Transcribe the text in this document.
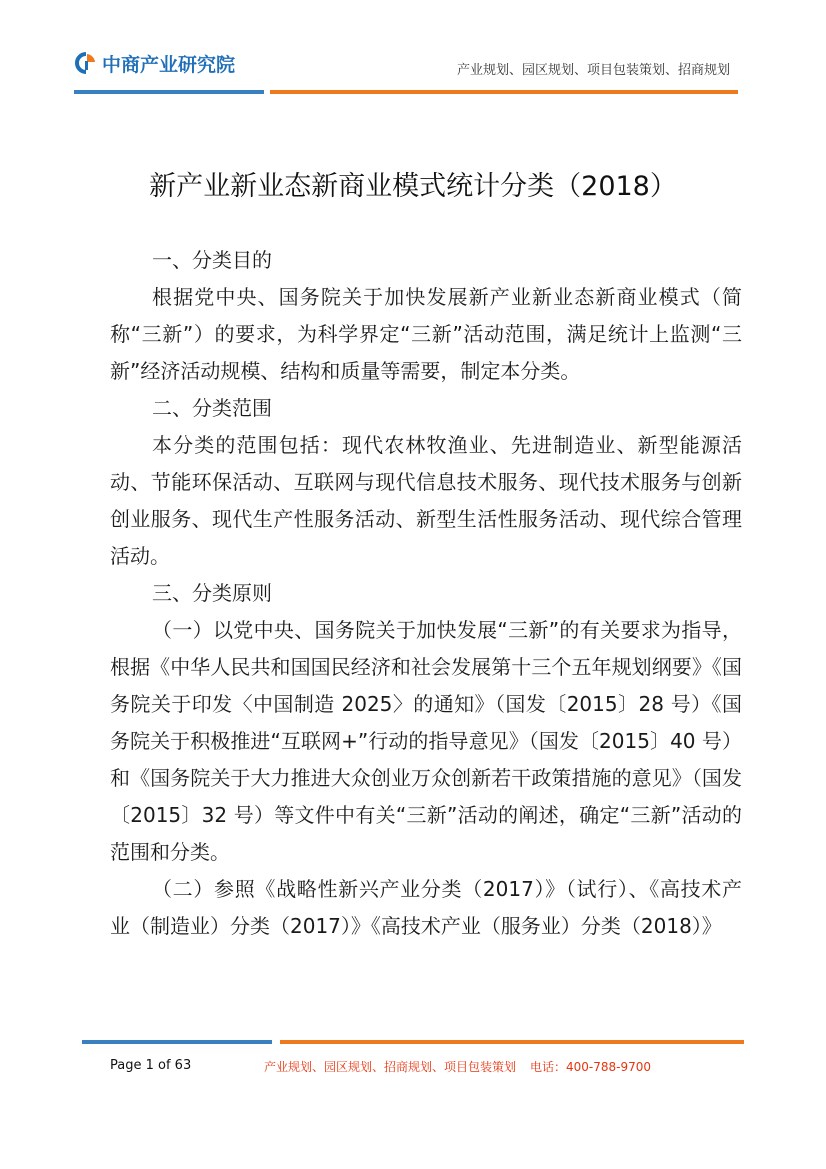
中商产业研究院	产业规划、园区规划、项目包装策划、招商规划
新产业新业态新商业模式统计分类（2018）
一、分类目的
根据党中央、国务院关于加快发展新产业新业态新商业模式（简称“三新”）的要求，为科学界定“三新”活动范围，满足统计上监测“三新”经济活动规模、结构和质量等需要，制定本分类。
二、分类范围
本分类的范围包括：现代农林牧渔业、先进制造业、新型能源活动、节能环保活动、互联网与现代信息技术服务、现代技术服务与创新创业服务、现代生产性服务活动、新型生活性服务活动、现代综合管理活动。
三、分类原则
（一）以党中央、国务院关于加快发展“三新”的有关要求为指导，根据《中华人民共和国国民经济和社会发展第十三个五年规划纲要》《国务院关于印发〈中国制造 2025〉的通知》（国发〔2015〕28 号）《国务院关于积极推进“互联网+”行动的指导意见》（国发〔2015〕40 号）和《国务院关于大力推进大众创业万众创新若干政策措施的意见》（国发〔2015〕32 号）等文件中有关“三新”活动的阐述，确定“三新”活动的范围和分类。
（二）参照《战略性新兴产业分类（2017）》（试行）、《高技术产业（制造业）分类（2017）》《高技术产业（服务业）分类（2018）》
Page 1 of 63	产业规划、园区规划、招商规划、项目包装策划 电话：400-788-9700
